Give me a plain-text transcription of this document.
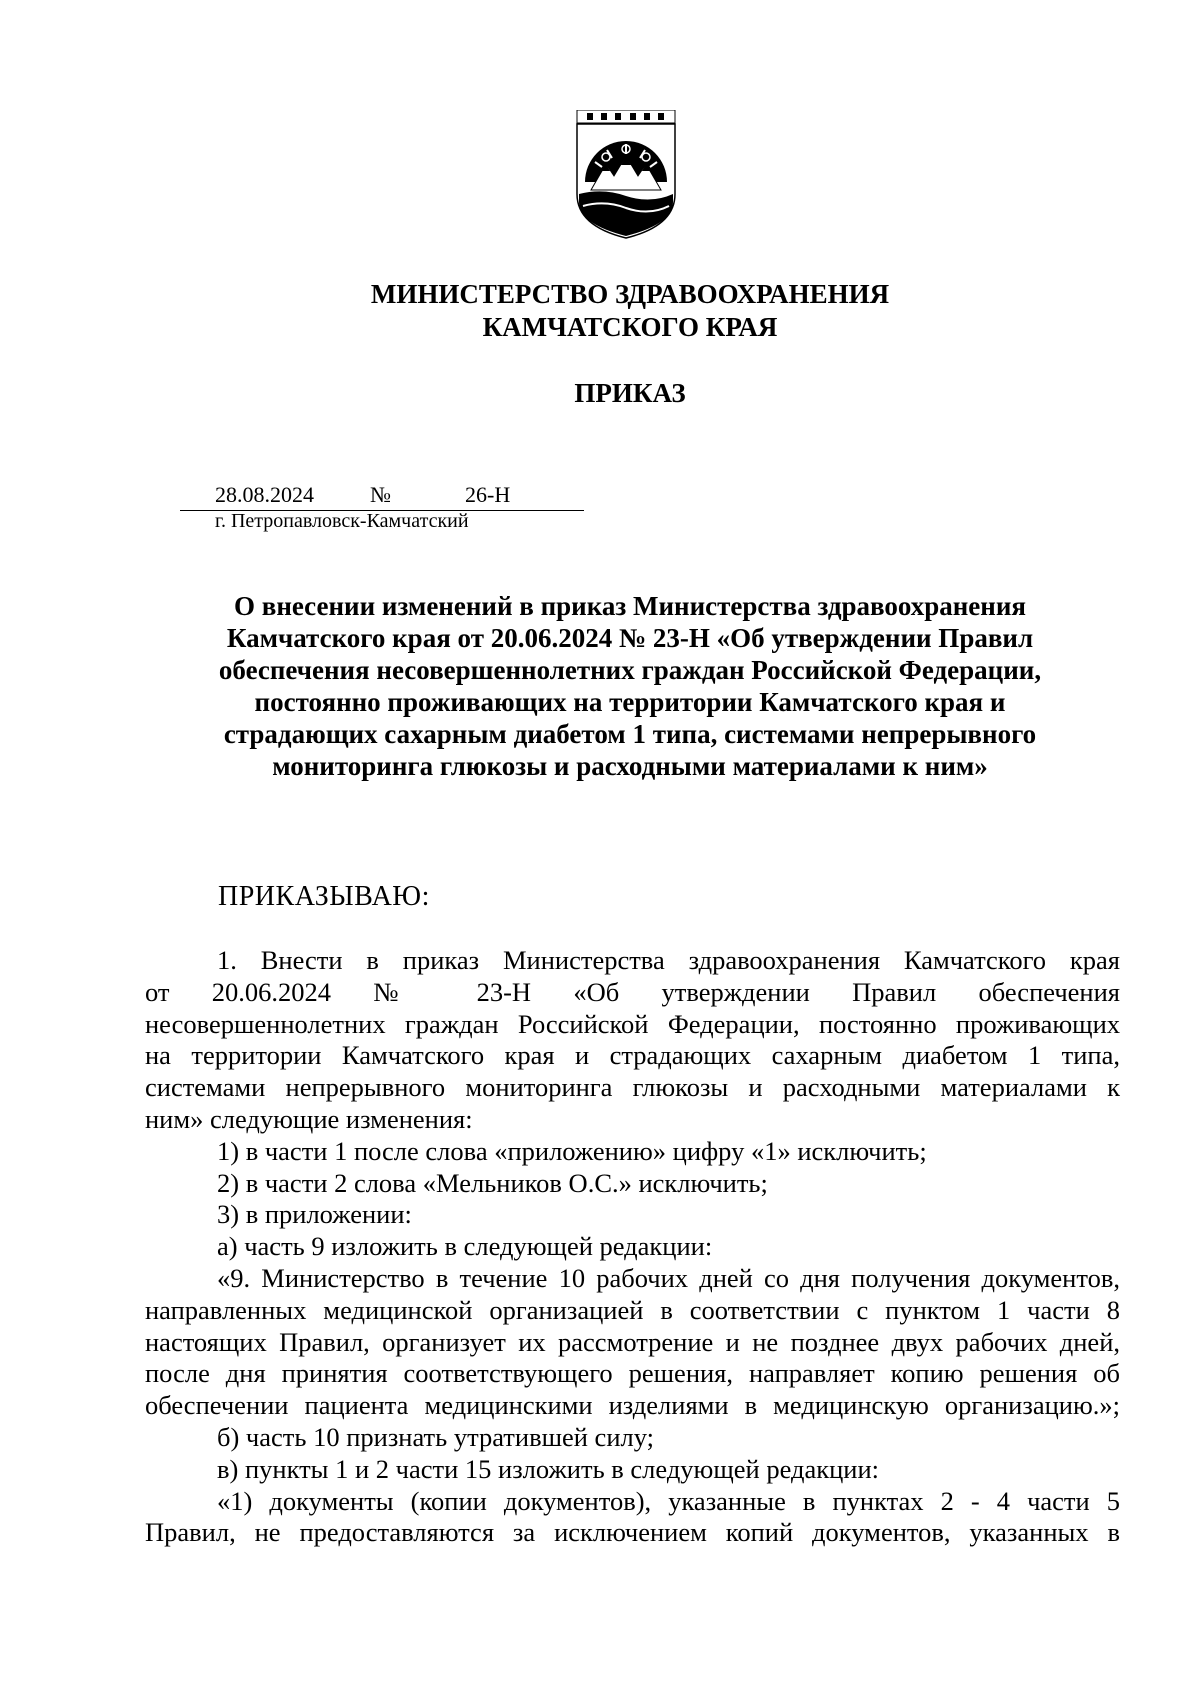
МИНИСТЕРСТВО ЗДРАВООХРАНЕНИЯ
КАМЧАТСКОГО КРАЯ
ПРИКАЗ
28.08.2024	№	26-Н
г. Петропавловск-Камчатский
О внесении изменений в приказ Министерства здравоохранения
Камчатского края от 20.06.2024 № 23-Н «Об утверждении Правил
обеспечения несовершеннолетних граждан Российской Федерации,
постоянно проживающих на территории Камчатского края и
страдающих сахарным диабетом 1 типа, системами непрерывного
мониторинга глюкозы и расходными материалами к ним»
ПРИКАЗЫВАЮ:

1. Внести в приказ Министерства здравоохранения Камчатского края

от 20.06.2024 № 23-Н «Об утверждении Правил обеспечения

несовершеннолетних граждан Российской Федерации, постоянно проживающих

на территории Камчатского края и страдающих сахарным диабетом 1 типа,

системами непрерывного мониторинга глюкозы и расходными материалами к

ним» следующие изменения:

1) в части 1 после слова «приложению» цифру «1» исключить;

2) в части 2 слова «Мельников О.С.» исключить;

3) в приложении:

а) часть 9 изложить в следующей редакции:

«9. Министерство в течение 10 рабочих дней со дня получения документов,

направленных медицинской организацией в соответствии с пунктом 1 части 8

настоящих Правил, организует их рассмотрение и не позднее двух рабочих дней,

после дня принятия соответствующего решения, направляет копию решения об

обеспечении пациента медицинскими изделиями в медицинскую организацию.»;

б) часть 10 признать утратившей силу;

в) пункты 1 и 2 части 15 изложить в следующей редакции:

«1) документы (копии документов), указанные в пунктах 2 - 4 части 5

Правил, не предоставляются за исключением копий документов, указанных в
